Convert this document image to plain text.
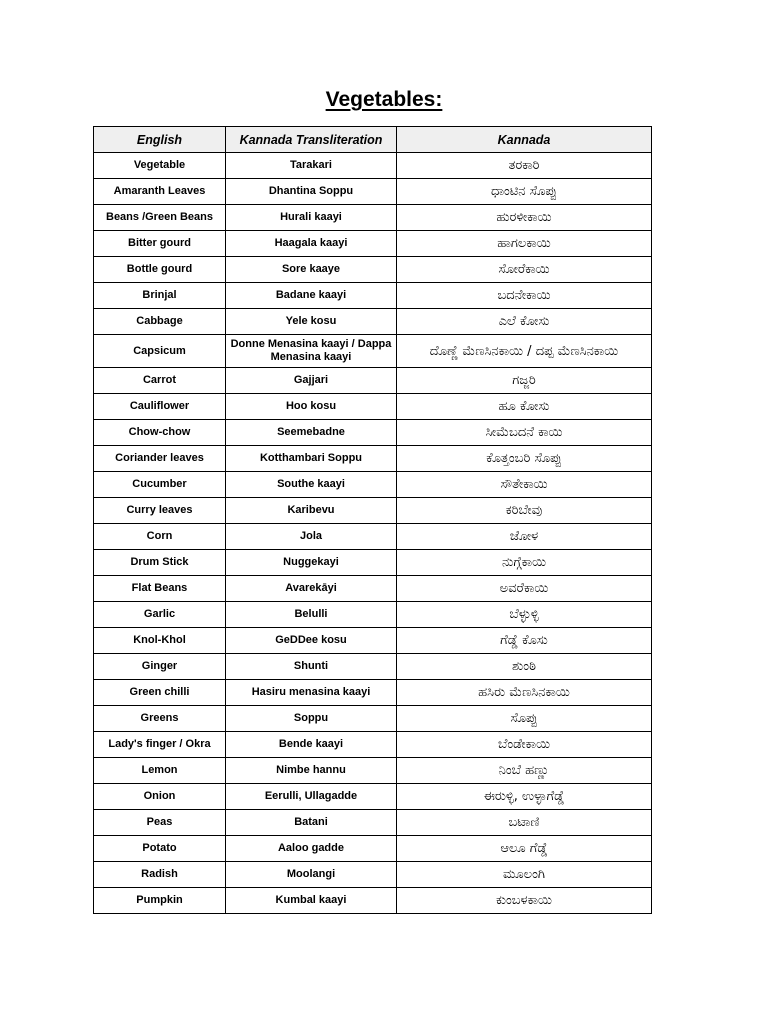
Vegetables:
English	Kannada Transliteration	Kannada
Vegetable	Tarakari	ತರಕಾರಿ
Amaranth Leaves	Dhantina Soppu	ಧಾಂಟಿನ ಸೊಪ್ಪು
Beans /Green Beans	Hurali kaayi	ಹುರಳೀಕಾಯಿ
Bitter gourd	Haagala kaayi	ಹಾಗಲಕಾಯಿ
Bottle gourd	Sore kaaye	ಸೋರೆಕಾಯಿ
Brinjal	Badane kaayi	ಬದನೇಕಾಯಿ
Cabbage	Yele kosu	ಎಲೆ ಕೋಸು
Capsicum	Donne Menasina kaayi / Dappa Menasina kaayi	ದೊಣ್ಣೆ ಮೆಣಸಿನಕಾಯಿ / ದಪ್ಪ ಮೆಣಸಿನಕಾಯಿ
Carrot	Gajjari	ಗಜ್ಜರಿ
Cauliflower	Hoo kosu	ಹೂ ಕೋಸು
Chow-chow	Seemebadne	ಸೀಮೆಬದನೆ ಕಾಯಿ
Coriander leaves	Kotthambari Soppu	ಕೊತ್ತಂಬರಿ ಸೊಪ್ಪು
Cucumber	Southe kaayi	ಸೌತೇಕಾಯಿ
Curry leaves	Karibevu	ಕರಿಬೇವು
Corn	Jola	ಜೋಳ
Drum Stick	Nuggekayi	ನುಗ್ಗೆಕಾಯಿ
Flat Beans	Avarekāyi	ಅವರೆಕಾಯಿ
Garlic	Belulli	ಬೆಳ್ಳುಳ್ಳಿ
Knol-Khol	GeDDee kosu	ಗೆಡ್ಡೆ ಕೊಸು
Ginger	Shunti	ಶುಂಠಿ
Green chilli	Hasiru menasina kaayi	ಹಸಿರು ಮೆಣಸಿನಕಾಯಿ
Greens	Soppu	ಸೊಪ್ಪು
Lady's finger / Okra	Bende kaayi	ಬೆಂಡೇಕಾಯಿ
Lemon	Nimbe hannu	ನಿಂಬೆ ಹಣ್ಣು
Onion	Eerulli, Ullagadde	ಈರುಳ್ಳಿ, ಉಳ್ಳಾಗೆಡ್ಡೆ
Peas	Batani	ಬಟಾಣಿ
Potato	Aaloo gadde	ಆಲೂ ಗೆಡ್ಡೆ
Radish	Moolangi	ಮೂಲಂಗಿ
Pumpkin	Kumbal kaayi	ಕುಂಬಳಕಾಯಿ
